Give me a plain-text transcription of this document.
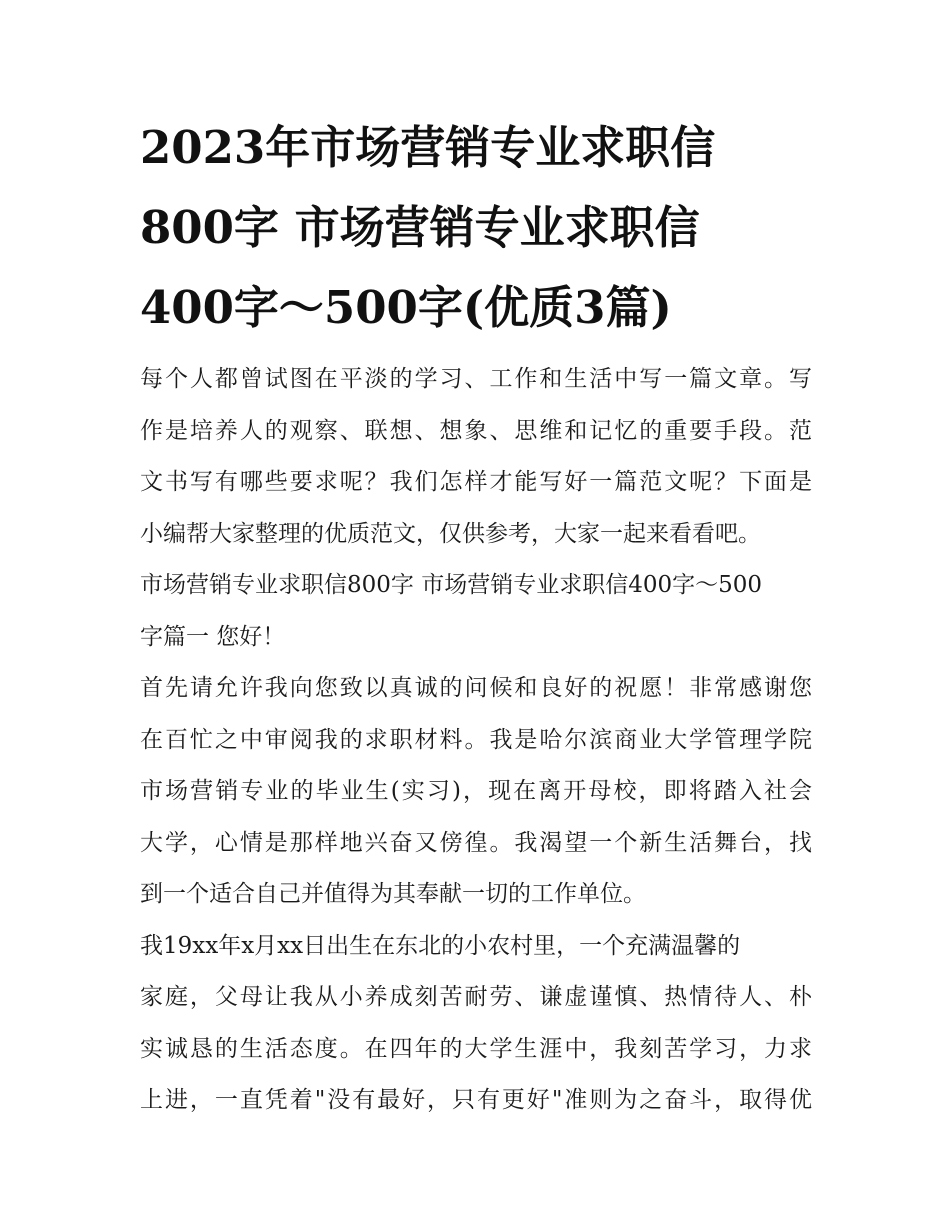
2023年市场营销专业求职信
800字 市场营销专业求职信
400字～500字(优质3篇)

每个人都曾试图在平淡的学习、工作和生活中写一篇文章。写
作是培养人的观察、联想、想象、思维和记忆的重要手段。范
文书写有哪些要求呢？我们怎样才能写好一篇范文呢？下面是
小编帮大家整理的优质范文，仅供参考，大家一起来看看吧。

市场营销专业求职信800字 市场营销专业求职信400字～500
字篇一 您好！

首先请允许我向您致以真诚的问候和良好的祝愿！非常感谢您
在百忙之中审阅我的求职材料。我是哈尔滨商业大学管理学院
市场营销专业的毕业生(实习)，现在离开母校，即将踏入社会
大学，心情是那样地兴奋又傍徨。我渴望一个新生活舞台，找
到一个适合自己并值得为其奉献一切的工作单位。

我19xx年x月xx日出生在东北的小农村里，一个充满温馨的
家庭，父母让我从小养成刻苦耐劳、谦虚谨慎、热情待人、朴
实诚恳的生活态度。在四年的大学生涯中，我刻苦学习，力求
上进，一直凭着"没有最好，只有更好"准则为之奋斗，取得优
